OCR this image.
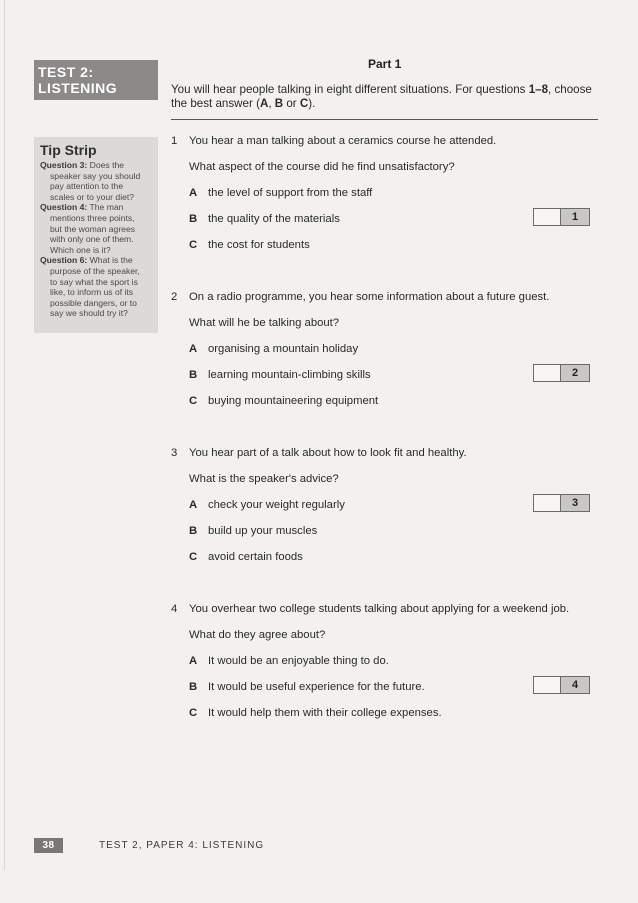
TEST 2:
LISTENING
Tip Strip
Question 3: Does the
speaker say you should
pay attention to the
scales or to your diet?
Question 4: The man
mentions three points,
but the woman agrees
with only one of them.
Which one is it?
Question 6: What is the
purpose of the speaker,
to say what the sport is
like, to inform us of its
possible dangers, or to
say we should try it?
Part 1
You will hear people talking in eight different situations. For questions 1–8, choose
the best answer (A, B or C).
1 You hear a man talking about a ceramics course he attended.
What aspect of the course did he find unsatisfactory?
A the level of support from the staff
B the quality of the materials
C the cost for students
1
2 On a radio programme, you hear some information about a future guest.
What will he be talking about?
A organising a mountain holiday
B learning mountain-climbing skills
C buying mountaineering equipment
2
3 You hear part of a talk about how to look fit and healthy.
What is the speaker's advice?
A check your weight regularly
B build up your muscles
C avoid certain foods
3
4 You overhear two college students talking about applying for a weekend job.
What do they agree about?
A It would be an enjoyable thing to do.
B It would be useful experience for the future.
C It would help them with their college expenses.
4
38	TEST 2, PAPER 4: LISTENING
